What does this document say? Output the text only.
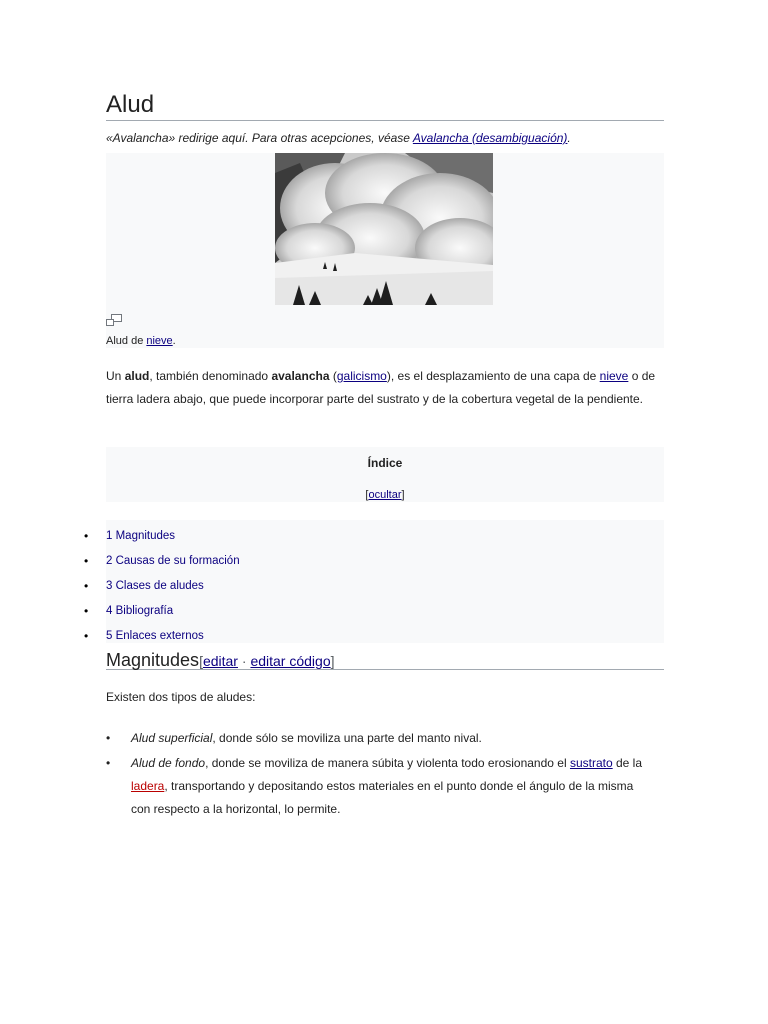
Alud
«Avalancha» redirige aquí. Para otras acepciones, véase Avalancha (desambiguación).
Alud de nieve.

Un alud, también denominado avalancha (galicismo), es el desplazamiento de una capa de nieve o de tierra ladera abajo, que puede incorporar parte del sustrato y de la cobertura vegetal de la pendiente.

Índice
[ocultar]
• 1 Magnitudes
• 2 Causas de su formación
• 3 Clases de aludes
• 4 Bibliografía
• 5 Enlaces externos
Magnitudes[editar · editar código]

Existen dos tipos de aludes:

• Alud superficial, donde sólo se moviliza una parte del manto nival.
• Alud de fondo, donde se moviliza de manera súbita y violenta todo erosionando el sustrato de la ladera, transportando y depositando estos materiales en el punto donde el ángulo de la misma con respecto a la horizontal, lo permite.
